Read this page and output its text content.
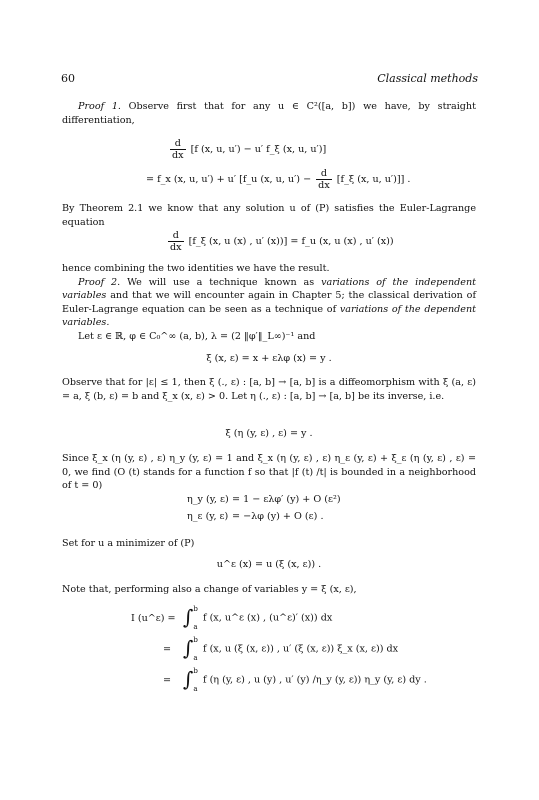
60	Classical methods

Proof 1. Observe first that for any u ∈ C²([a, b]) we have, by straight differentiation,

$\frac{d}{dx} [f$ (x, u, u′) − u′ f_ξ (x, u, u′)]
= f_x (x, u, u′) + u′ [f_u (x, u, $u') - \frac{d}{dx}$ [f_ξ (x, u, u′)]] .

By Theorem 2.1 we know that any solution u of (P) satisfies the Euler-Lagrange equation

$\frac{d}{dx}$ [f_ξ (x, u (x) , u′ (x))] = f_u (x, u (x) , u′ (x))

hence combining the two identities we have the result.

Proof 2. We will use a technique known as variations of the independent variables and that we will encounter again in Chapter 5; the classical derivation of Euler-Lagrange equation can be seen as a technique of variations of the dependent variables.

Let ε ∈ ℝ, φ ∈ C₀^∞ (a, b), λ = (2 ‖φ′‖_L∞)⁻¹ and

ξ (x, ε) = x + ελφ (x) = y .

Observe that for |ε| ≤ 1, then ξ (., ε) : [a, b] → [a, b] is a diffeomorphism with ξ (a, ε) = a, ξ (b, ε) = b and ξ_x (x, ε) > 0. Let η (., ε) : [a, b] → [a, b] be its inverse, i.e.

ξ (η (y, ε) , ε) = y .

Since ξ_x (η (y, ε) , ε) η_y (y, ε) = 1 and ξ_x (η (y, ε) , ε) η_ε (y, ε) + ξ_ε (η (y, ε) , ε) = 0, we find (O (t) stands for a function f so that |f (t) /t| is bounded in a neighborhood of t = 0)

η_y (y, ε) = 1 − ελφ′ (y) + O (ε²)
η_ε (y, ε) = −λφ (y) + O (ε) .

Set for u a minimizer of (P)

u^ε (x) = u (ξ (x, ε)) .

Note that, performing also a change of variables y = ξ (x, ε),

I (u^ε) = ∫ b
a
f (x, u^ε (x) , (u^ε)′ (x)) dx
= ∫ b
a
f (x, u (ξ (x, ε)) , u′ (ξ (x, ε)) ξ_x (x, ε)) dx
= ∫ b
a
f (η (y, ε) , u (y) , u′ (y) /η_y (y, ε)) η_y (y, ε) dy .
